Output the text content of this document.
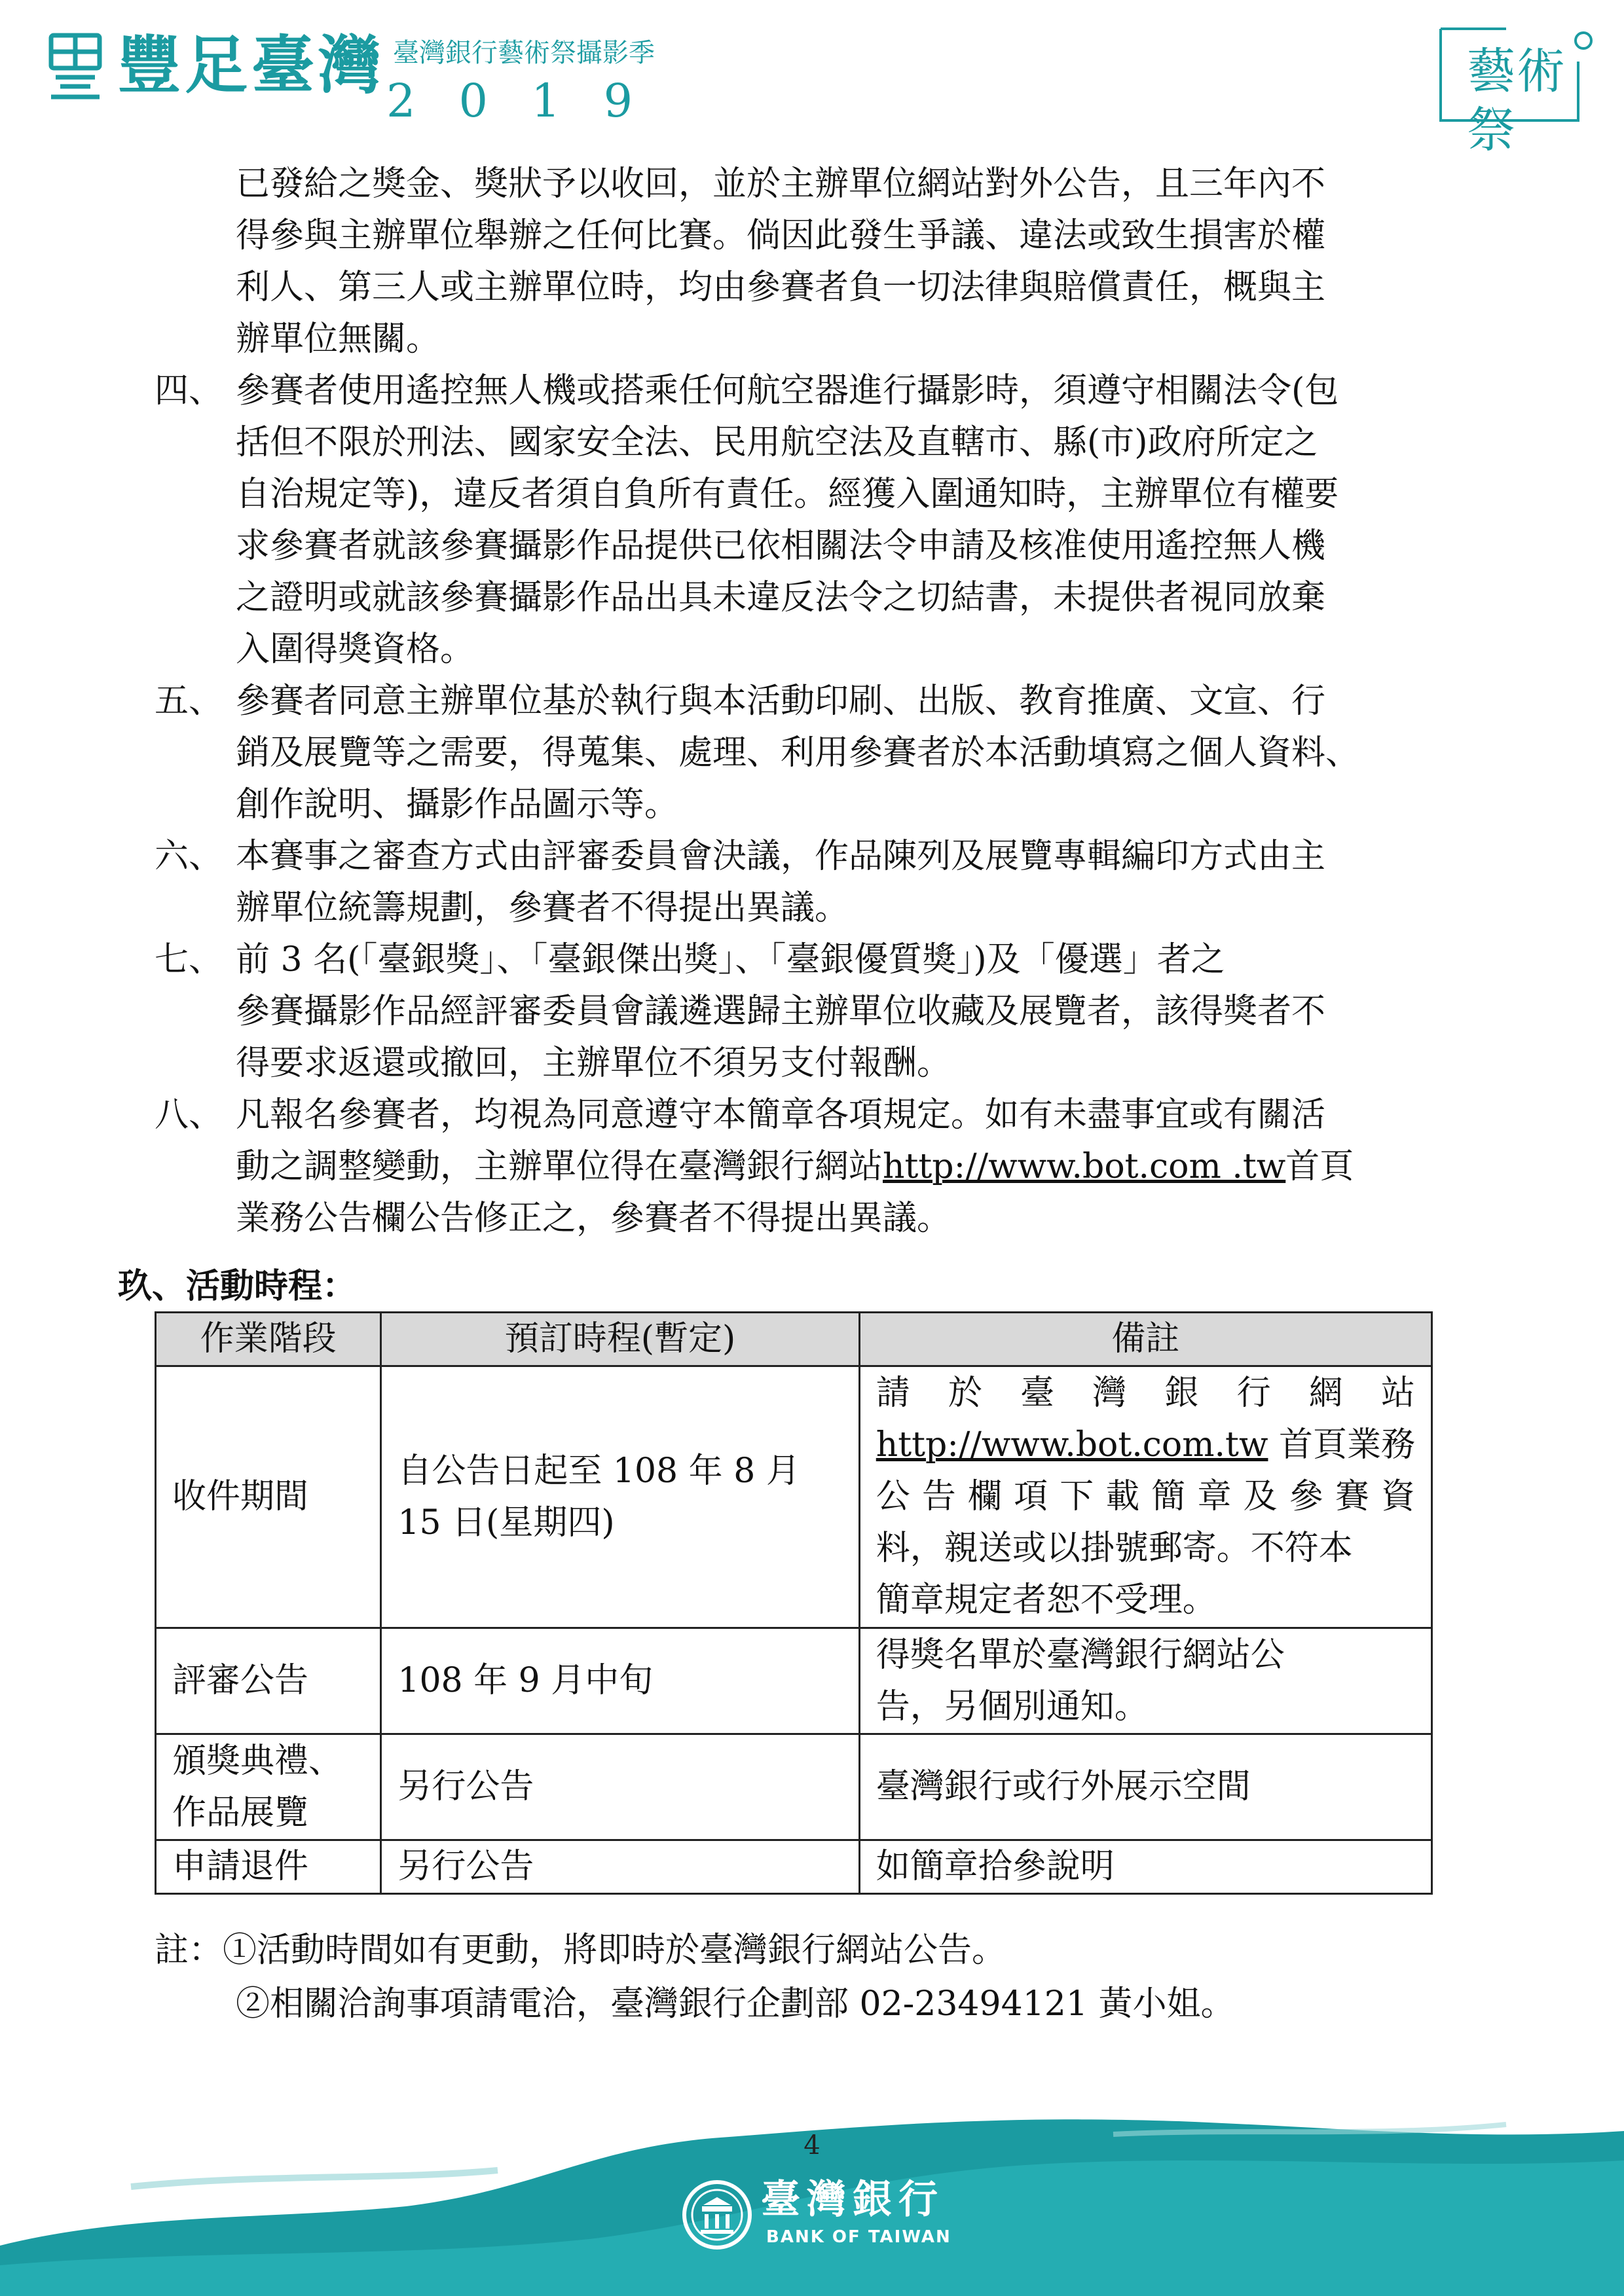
豐足臺灣 臺灣銀行藝術祭攝影季
2019
藝術祭
已發給之獎金、獎狀予以收回，並於主辦單位網站對外公告，且三年內不
得參與主辦單位舉辦之任何比賽。倘因此發生爭議、違法或致生損害於權
利人、第三人或主辦單位時，均由參賽者負一切法律與賠償責任，概與主
辦單位無關。
四、 參賽者使用遙控無人機或搭乘任何航空器進行攝影時，須遵守相關法令(包
括但不限於刑法、國家安全法、民用航空法及直轄市、縣(市)政府所定之
自治規定等)，違反者須自負所有責任。經獲入圍通知時，主辦單位有權要
求參賽者就該參賽攝影作品提供已依相關法令申請及核准使用遙控無人機
之證明或就該參賽攝影作品出具未違反法令之切結書，未提供者視同放棄
入圍得獎資格。
五、 參賽者同意主辦單位基於執行與本活動印刷、出版、教育推廣、文宣、行
銷及展覽等之需要，得蒐集、處理、利用參賽者於本活動填寫之個人資料、
創作說明、攝影作品圖示等。
六、 本賽事之審查方式由評審委員會決議，作品陳列及展覽專輯編印方式由主
辦單位統籌規劃，參賽者不得提出異議。
七、 前 3 名(「臺銀獎」、「臺銀傑出獎」、「臺銀優質獎」)及「優選」者之
參賽攝影作品經評審委員會議遴選歸主辦單位收藏及展覽者，該得獎者不
得要求返還或撤回，主辦單位不須另支付報酬。
八、 凡報名參賽者，均視為同意遵守本簡章各項規定。如有未盡事宜或有關活
動之調整變動，主辦單位得在臺灣銀行網站http://www.bot.com .tw首頁
業務公告欄公告修正之，參賽者不得提出異議。
玖、活動時程：
作業階段	預訂時程(暫定)	備註
收件期間	自公告日起至 108 年 8 月 15 日(星期四)	請於臺灣銀行網站
http://www.bot.com.tw 首頁業務
公告欄項下載簡章及參賽資
料，親送或以掛號郵寄。不符本
簡章規定者恕不受理。

評審公告	108 年 9 月中旬	得獎名單於臺灣銀行網站公
告，另個別通知。

頒獎典禮、
作品展覽	另行公告	臺灣銀行或行外展示空間
申請退件	另行公告	如簡章拾參說明
註：①活動時間如有更動，將即時於臺灣銀行網站公告。
②相關洽詢事項請電洽，臺灣銀行企劃部 02-23494121 黃小姐。
4
臺灣銀行
BANK OF TAIWAN
